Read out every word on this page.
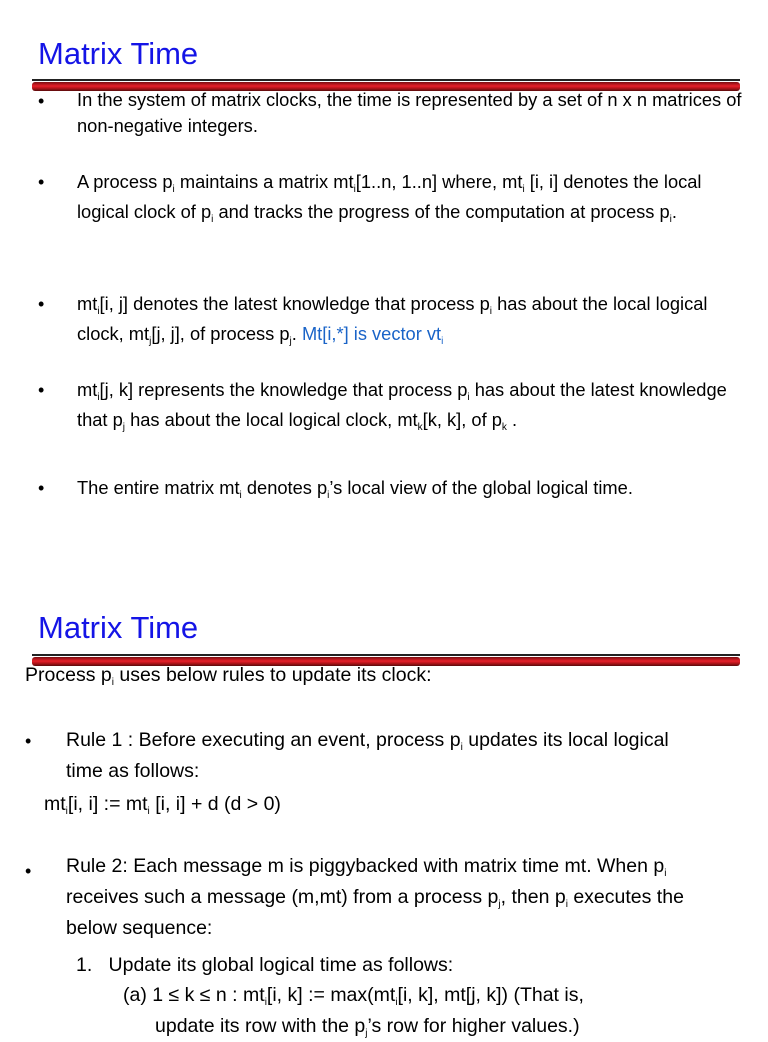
Matrix Time
• In the system of matrix clocks, the time is represented by a set of n x n matrices of non-negative integers.
• A process $p_i$ maintains a matrix $mt_i[1..n$, 1..n] where, $mt_i$ [i, i] denotes the local logical clock of $p_i$ and tracks the progress of the computation at process $p_i$.
• $mt_i[i$, j] denotes the latest knowledge that process $p_i$ has about the local logical clock, $mt_j[j$, j], of process $p_j$. Mt[i,*] is vector $vt_i$
• $mt_i[j$, k] represents the knowledge that process $p_i$ has about the latest knowledge that $p_j$ has about the local logical clock, $mt_k[k$, k], of $p_k$ .
• The entire matrix $mt_i$ denotes $p_i’s$ local view of the global logical time.
Matrix Time
Process $p_i$ uses below rules to update its clock:
• Rule 1 : Before executing an event, process $p_i$ updates its local logical time as follows:
$mt_i[i$, i] := $mt_i$ [i, i] + d (d > 0)
• Rule 2: Each message m is piggybacked with matrix time mt. When $p_i$ receives such a message (m,mt) from a process $p_j$, then $p_i$ executes the below sequence:
1.   Update its global logical time as follows:
(a) 1 ≤ k ≤ n : $mt_i[i$, k] := $\max(mt_i[i$, k], mt[j, k]) (That is,
update its row with the $p_j’s$ row for higher values.)
